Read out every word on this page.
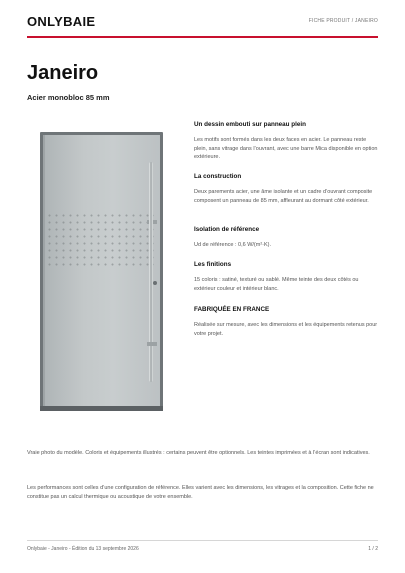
ONLYBAIE	FICHE PRODUIT / JANEIRO
Janeiro
Acier monobloc 85 mm
Un dessin embouti sur panneau plein
Les motifs sont formés dans les deux faces en acier. Le panneau reste plein, sans vitrage dans l’ouvrant, avec une barre Mica disponible en option extérieure.
La construction
Deux parements acier, une âme isolante et un cadre d’ouvrant composite composent un panneau de 85 mm, affleurant au dormant côté extérieur.
Isolation de référence
Ud de référence : 0,6 W/(m²·K).
Les finitions
15 coloris : satiné, texturé ou sablé. Même teinte des deux côtés ou extérieur couleur et intérieur blanc.
FABRIQUÉE EN FRANCE
Réalisée sur mesure, avec les dimensions et les équipements retenus pour votre projet.

Vraie photo du modèle. Coloris et équipements illustrés : certains peuvent être optionnels. Les teintes imprimées et à l’écran sont indicatives.

Les performances sont celles d’une configuration de référence. Elles varient avec les dimensions, les vitrages et la composition. Cette fiche ne constitue pas un calcul thermique ou acoustique de votre ensemble.

Onlybaie - Janeiro - Édition du 13 septembre 2026	1 / 2
